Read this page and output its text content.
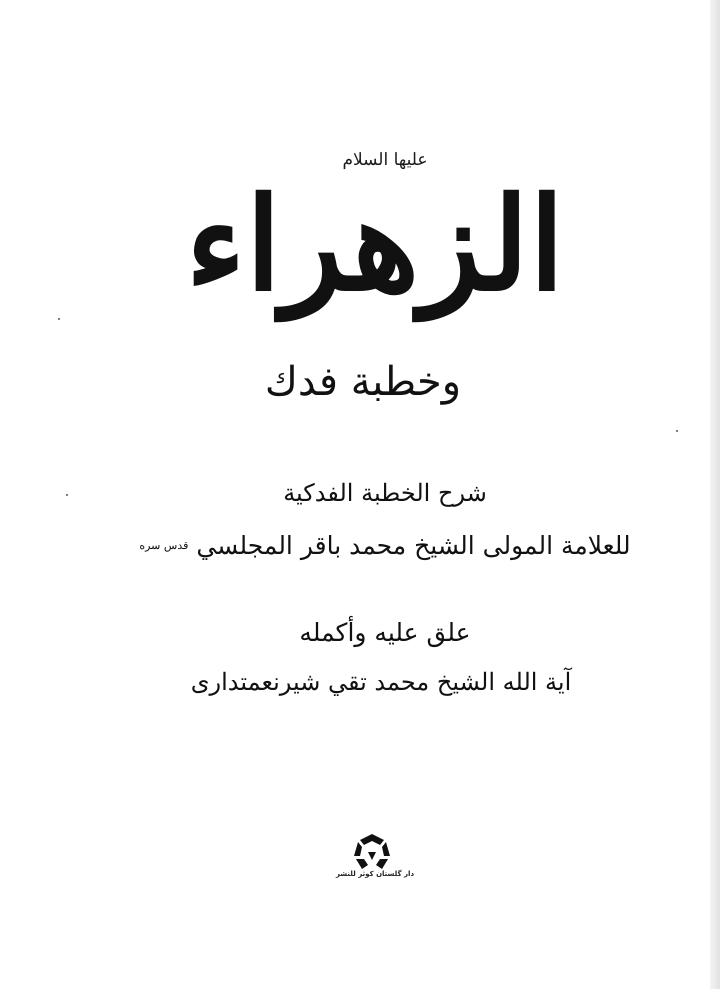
عليها السلام
الزهراء
وخطبة فدك
شرح الخطبة الفدكية
للعلامة المولى الشيخ محمد باقر المجلسي $^{قدس سره}$
علق عليه وأكمله
آية الله الشيخ محمد تقي شيرنعمتدارى
دار گلستان كوثر للنشر
